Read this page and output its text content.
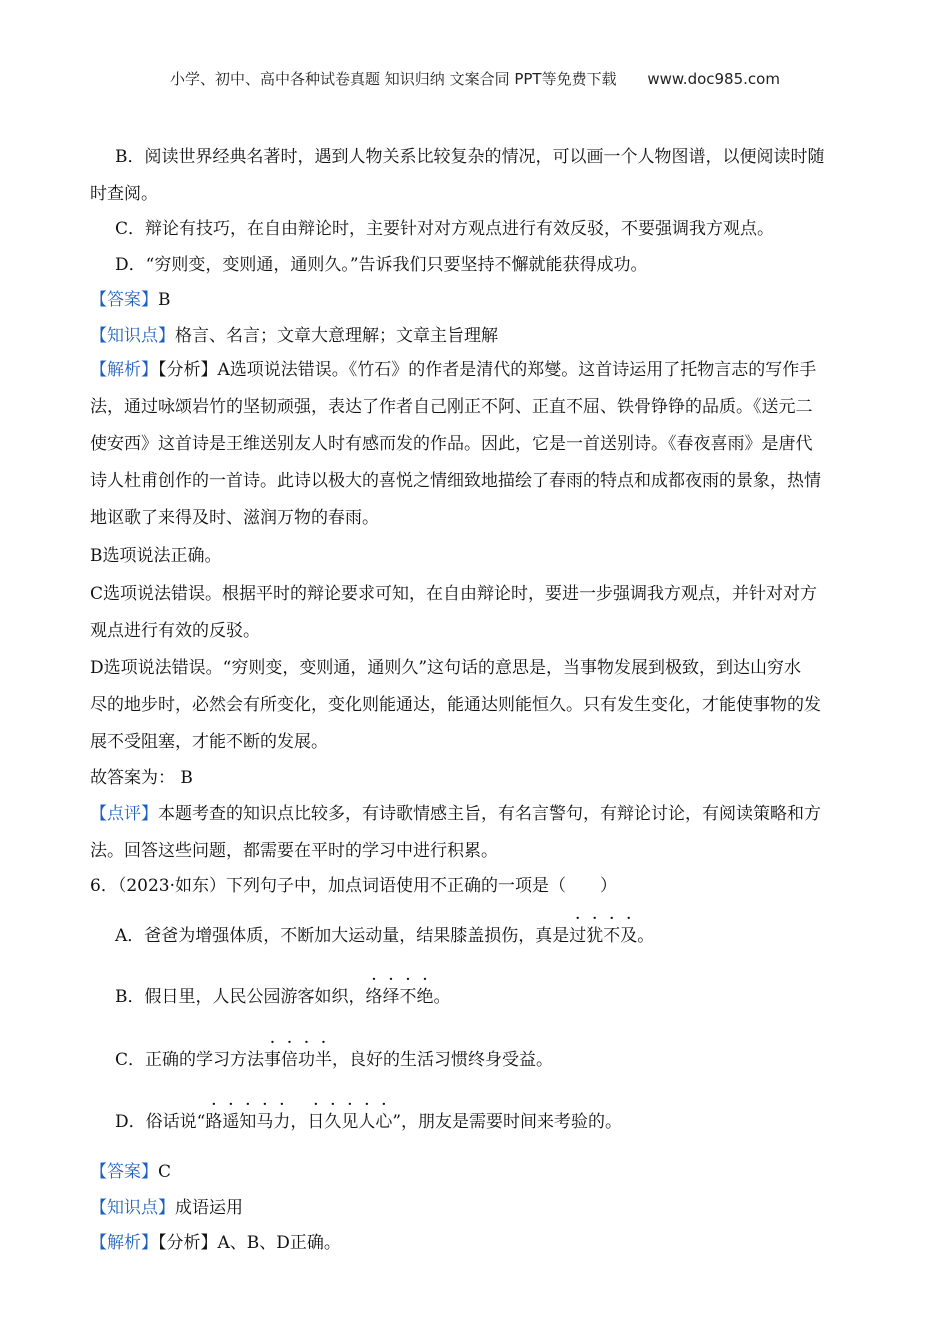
小学、初中、高中各种试卷真题 知识归纳 文案合同 PPT等免费下载 www.doc985.com
B．阅读世界经典名著时，遇到人物关系比较复杂的情况，可以画一个人物图谱，以便阅读时随
时查阅。
C．辩论有技巧，在自由辩论时，主要针对对方观点进行有效反驳，不要强调我方观点。
D．“穷则变，变则通，通则久。”告诉我们只要坚持不懈就能获得成功。
【答案】B
【知识点】格言、名言；文章大意理解；文章主旨理解
【解析】【分析】A选项说法错误。《竹石》的作者是清代的郑燮。这首诗运用了托物言志的写作手
法，通过咏颂岩竹的坚韧顽强，表达了作者自己刚正不阿、正直不屈、铁骨铮铮的品质。《送元二
使安西》这首诗是王维送别友人时有感而发的作品。因此，它是一首送别诗。《春夜喜雨》是唐代
诗人杜甫创作的一首诗。此诗以极大的喜悦之情细致地描绘了春雨的特点和成都夜雨的景象，热情
地讴歌了来得及时、滋润万物的春雨。
B选项说法正确。
C选项说法错误。根据平时的辩论要求可知，在自由辩论时，要进一步强调我方观点，并针对对方
观点进行有效的反驳。
D选项说法错误。“穷则变，变则通，通则久”这句话的意思是，当事物发展到极致，到达山穷水
尽的地步时，必然会有所变化，变化则能通达，能通达则能恒久。只有发生变化，才能使事物的发
展不受阻塞，才能不断的发展。
故答案为： B
【点评】本题考查的知识点比较多，有诗歌情感主旨，有名言警句，有辩论讨论，有阅读策略和方
法。回答这些问题，都需要在平时的学习中进行积累。
6．（2023·如东）下列句子中，加点词语使用不正确的一项是（　　）
A．爸爸为增强体质，不断加大运动量，结果膝盖损伤，真是过犹不及。
B．假日里，人民公园游客如织，络绎不绝。
C．正确的学习方法事倍功半，良好的生活习惯终身受益。
D．俗话说“路遥知马力，日久见人心”，朋友是需要时间来考验的。
【答案】C
【知识点】成语运用
【解析】【分析】A、B、D正确。
